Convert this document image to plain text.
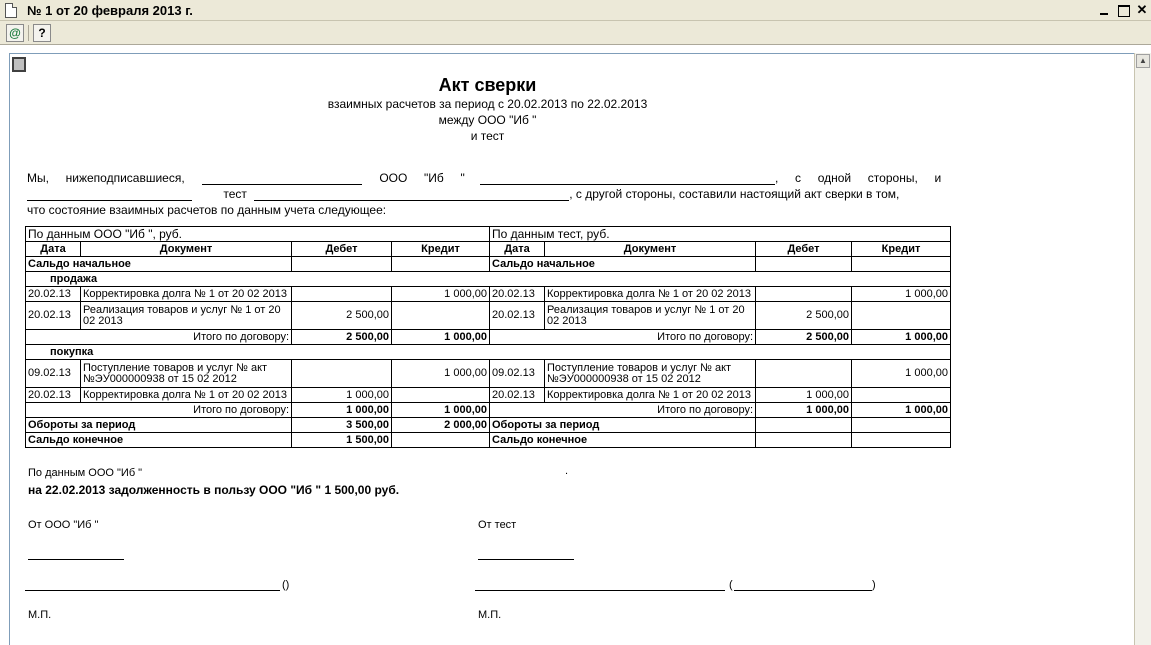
№ 1 от 20 февраля 2013 г.	✕
@	?
Акт сверки
взаимных расчетов за период с 20.02.2013 по 22.02.2013
между ООО "Иб "
и тест
Мы,     нижеподписавшиеся,	ООО     "Иб     "	,     с     одной     стороны,     и
тест	, с другой стороны, составили настоящий акт сверки в том,
что состояние взаимных расчетов по данным учета следующее:
По данным ООО "Иб ", руб.				По данным тест, руб.			
Дата	Документ	Дебет	Кредит	Дата	Документ	Дебет	Кредит
Сальдо начальное				Сальдо начальное			
продажа							
20.02.13	Корректировка долга № 1 от 20 02 2013		1 000,00	20.02.13	Корректировка долга № 1 от 20 02 2013		1 000,00
20.02.13	Реализация товаров и услуг № 1 от 20 02 2013	2 500,00		20.02.13	Реализация товаров и услуг № 1 от 20 02 2013	2 500,00	
Итого по договору:		2 500,00	1 000,00	Итого по договору:		2 500,00	1 000,00
покупка							
09.02.13	Поступление товаров и услуг № акт №ЭУ000000938 от 15 02 2012		1 000,00	09.02.13	Поступление товаров и услуг № акт №ЭУ000000938 от 15 02 2012		1 000,00
20.02.13	Корректировка долга № 1 от 20 02 2013	1 000,00		20.02.13	Корректировка долга № 1 от 20 02 2013	1 000,00	
Итого по договору:		1 000,00	1 000,00	Итого по договору:		1 000,00	1 000,00
Обороты за период		3 500,00	2 000,00	Обороты за период			
Сальдо конечное		1 500,00		Сальдо конечное			
По данным ООО "Иб "	.
на 22.02.2013 задолженность в пользу ООО "Иб " 1 500,00 руб.
От ООО "Иб "	От тест
()	(	)
М.П.	М.П.
▲
